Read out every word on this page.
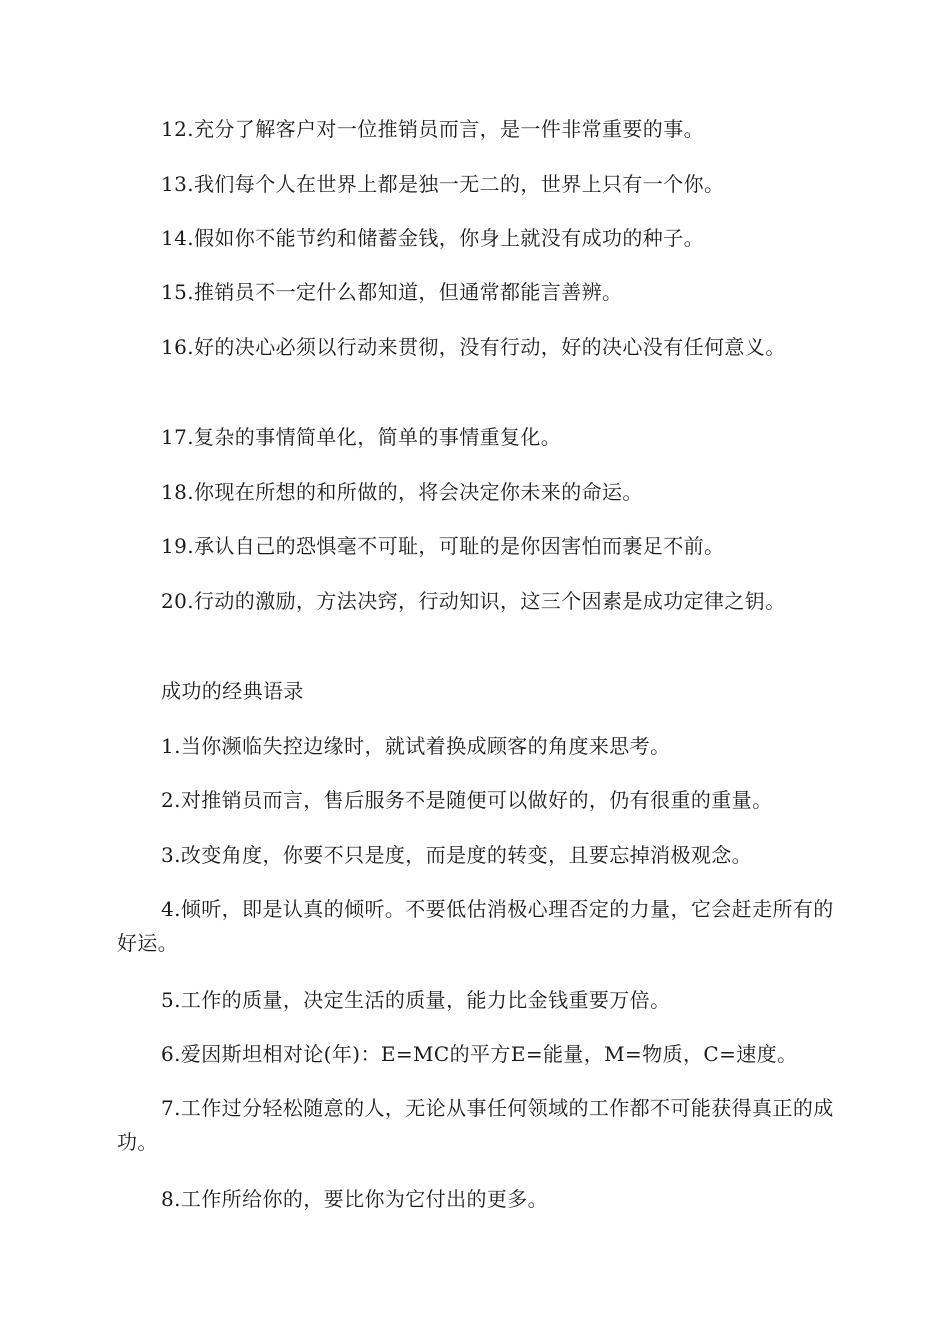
12.充分了解客户对一位推销员而言，是一件非常重要的事。

13.我们每个人在世界上都是独一无二的，世界上只有一个你。

14.假如你不能节约和储蓄金钱，你身上就没有成功的种子。

15.推销员不一定什么都知道，但通常都能言善辨。

16.好的决心必须以行动来贯彻，没有行动，好的决心没有任何意义。

17.复杂的事情简单化，简单的事情重复化。

18.你现在所想的和所做的，将会决定你未来的命运。

19.承认自己的恐惧毫不可耻，可耻的是你因害怕而裹足不前。

20.行动的激励，方法决窍，行动知识，这三个因素是成功定律之钥。

成功的经典语录

1.当你濒临失控边缘时，就试着换成顾客的角度来思考。

2.对推销员而言，售后服务不是随便可以做好的，仍有很重的重量。

3.改变角度，你要不只是度，而是度的转变，且要忘掉消极观念。

4.倾听，即是认真的倾听。不要低估消极心理否定的力量，它会赶走所有的好运。

5.工作的质量，决定生活的质量，能力比金钱重要万倍。

6.爱因斯坦相对论(年)：E=MC的平方E=能量，M=物质，C=速度。

7.工作过分轻松随意的人，无论从事任何领域的工作都不可能获得真正的成功。

8.工作所给你的，要比你为它付出的更多。
